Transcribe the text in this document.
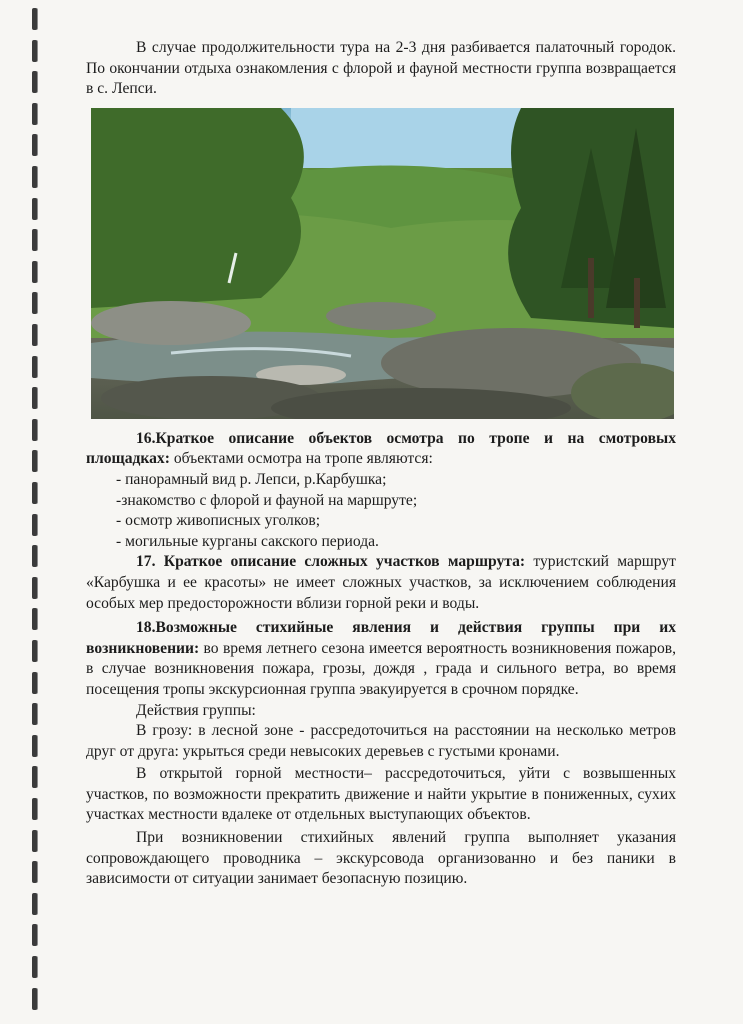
В случае продолжительности тура на 2-3 дня разбивается палаточный городок. По окончании отдыха ознакомления с флорой и фауной местности группа возвращается в с. Лепси.

16.Краткое описание объектов осмотра по тропе и на смотровых площадках: объектами осмотра на тропе являются:

- панорамный вид р. Лепси, р.Карбушка;

-знакомство с флорой и фауной на маршруте;

- осмотр живописных уголков;

- могильные курганы сакского периода.

17. Краткое описание сложных участков маршрута: туристский маршрут «Карбушка и ее красоты» не имеет сложных участков, за исключением соблюдения особых мер предосторожности вблизи горной реки и воды.

18.Возможные стихийные явления и действия группы при их возникновении: во время летнего сезона имеется вероятность возникновения пожаров, в случае возникновения пожара, грозы, дождя , града и сильного ветра, во время посещения тропы экскурсионная группа эвакуируется в срочном порядке.

Действия группы:

В грозу: в лесной зоне - рассредоточиться на расстоянии на несколько метров друг от друга: укрыться среди невысоких деревьев с густыми кронами.

В открытой горной местности– рассредоточиться, уйти с возвышенных участков, по возможности прекратить движение и найти укрытие в пониженных, сухих участках местности вдалеке от отдельных выступающих объектов.

При возникновении стихийных явлений группа выполняет указания сопровождающего проводника – экскурсовода организованно и без паники в зависимости от ситуации занимает безопасную позицию.
